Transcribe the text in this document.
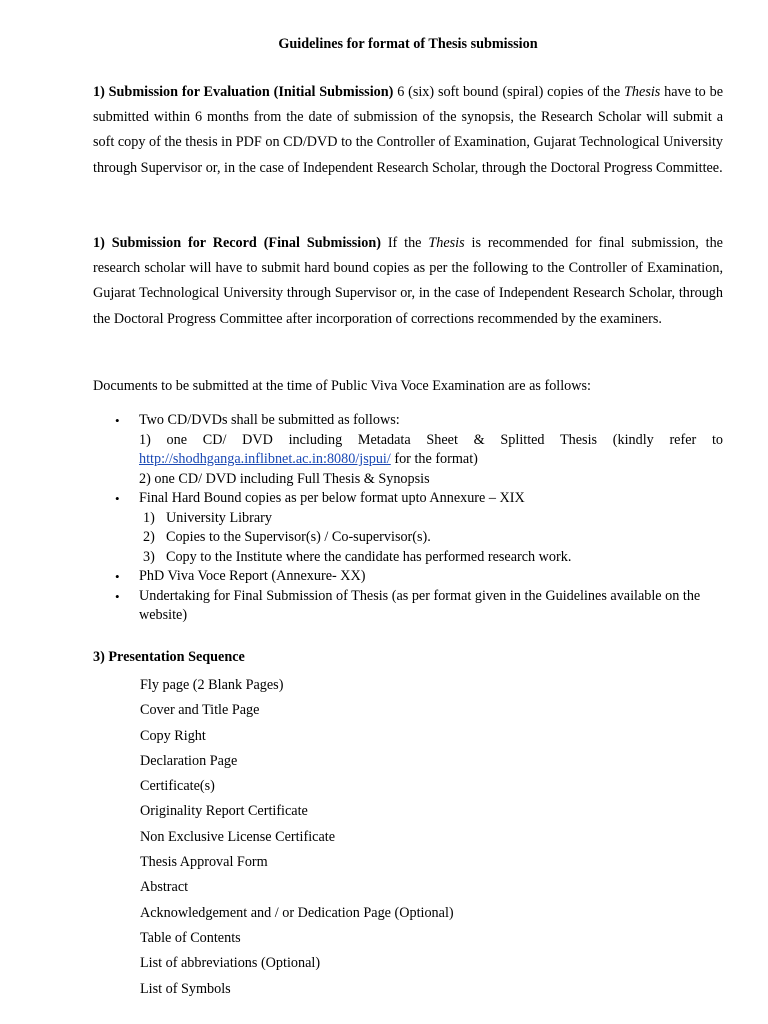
Guidelines for format of Thesis submission

1) Submission for Evaluation (Initial Submission) 6 (six) soft bound (spiral) copies of the Thesis have to be submitted within 6 months from the date of submission of the synopsis, the Research Scholar will submit a soft copy of the thesis in PDF on CD/DVD to the Controller of Examination, Gujarat Technological University through Supervisor or, in the case of Independent Research Scholar, through the Doctoral Progress Committee.

1) Submission for Record (Final Submission) If the Thesis is recommended for final submission, the research scholar will have to submit hard bound copies as per the following to the Controller of Examination, Gujarat Technological University through Supervisor or, in the case of Independent Research Scholar, through the Doctoral Progress Committee after incorporation of corrections recommended by the examiners.

Documents to be submitted at the time of Public Viva Voce Examination are as follows:
• Two CD/DVDs shall be submitted as follows:
1) one CD/ DVD including Metadata Sheet & Splitted Thesis (kindly refer to http://shodhganga.inflibnet.ac.in:8080/jspui/ for the format)
2) one CD/ DVD including Full Thesis & Synopsis
• Final Hard Bound copies as per below format upto Annexure – XIX
1) University Library
2) Copies to the Supervisor(s) / Co-supervisor(s).
3) Copy to the Institute where the candidate has performed research work.
• PhD Viva Voce Report (Annexure- XX)
• Undertaking for Final Submission of Thesis (as per format given in the Guidelines available on the website)
3) Presentation Sequence
Fly page (2 Blank Pages)
Cover and Title Page
Copy Right
Declaration Page
Certificate(s)
Originality Report Certificate
Non Exclusive License Certificate
Thesis Approval Form
Abstract
Acknowledgement and / or Dedication Page (Optional)
Table of Contents
List of abbreviations (Optional)
List of Symbols
